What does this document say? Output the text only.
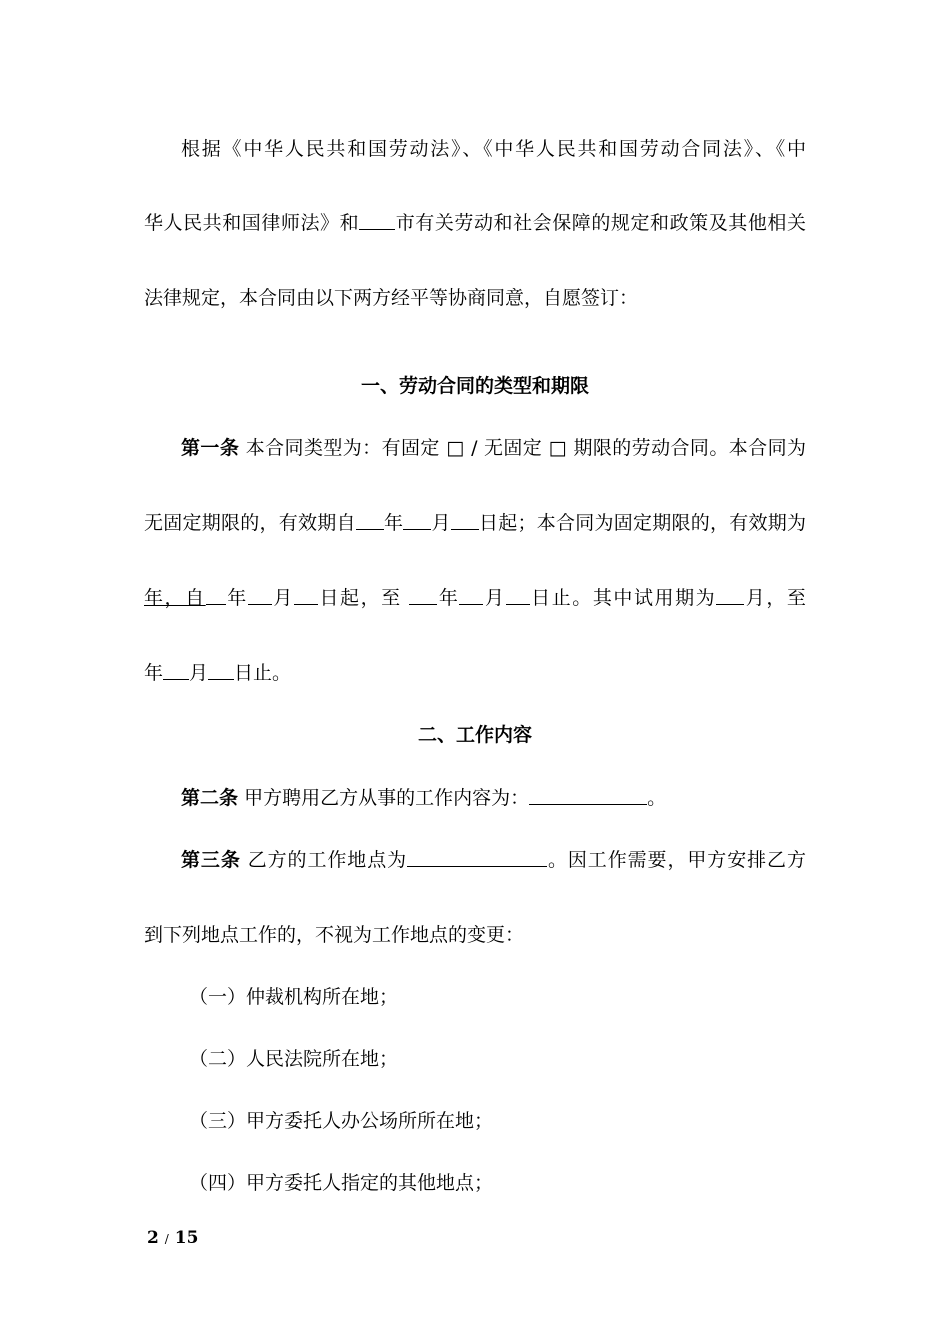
根据《中华人民共和国劳动法》、《中华人民共和国劳动合同法》、《中
华人民共和国律师法》和 市有关劳动和社会保障的规定和政策及其他相关
法律规定，本合同由以下两方经平等协商同意，自愿签订：
一、劳动合同的类型和期限
第一条 本合同类型为：有固定 □ / 无固定 □ 期限的劳动合同。本合同为
无固定期限的，有效期自 年 月 日起；本合同为固定期限的，有效期为
年，自 年 月 日起，至 年 月 日止。其中试用期为 月，至
年 月 日止。
二、工作内容
第二条 甲方聘用乙方从事的工作内容为：	。
第三条 乙方的工作地点为	。因工作需要，甲方安排乙方
到下列地点工作的，不视为工作地点的变更：
（一）仲裁机构所在地；
（二）人民法院所在地；
（三）甲方委托人办公场所所在地；
（四）甲方委托人指定的其他地点；
2 / 15
